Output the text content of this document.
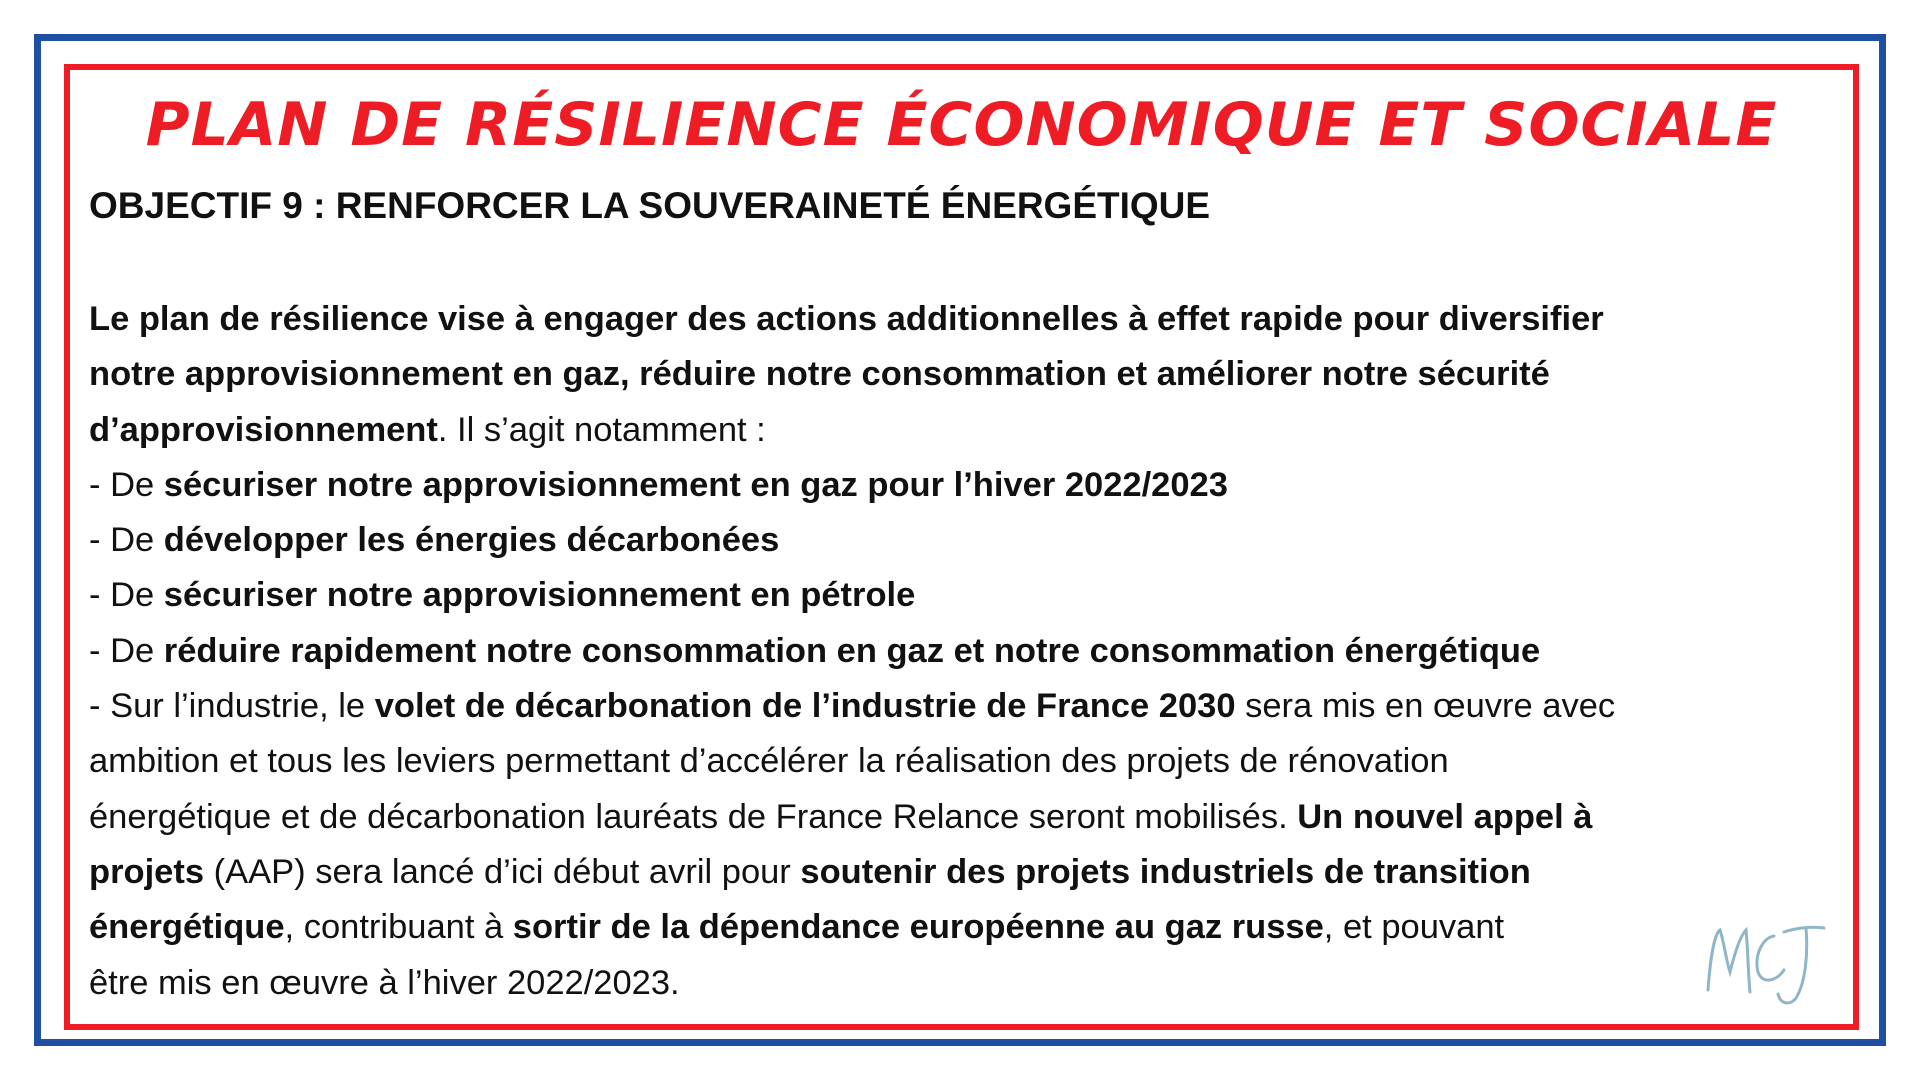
PLAN DE RÉSILIENCE ÉCONOMIQUE ET SOCIALE
OBJECTIF 9 : RENFORCER LA SOUVERAINETÉ ÉNERGÉTIQUE
Le plan de résilience vise à engager des actions additionnelles à effet rapide pour diversifier
notre approvisionnement en gaz, réduire notre consommation et améliorer notre sécurité
d’approvisionnement. Il s’agit notamment :
- De sécuriser notre approvisionnement en gaz pour l’hiver 2022/2023
- De développer les énergies décarbonées
- De sécuriser notre approvisionnement en pétrole
- De réduire rapidement notre consommation en gaz et notre consommation énergétique
- Sur l’industrie, le volet de décarbonation de l’industrie de France 2030 sera mis en œuvre avec
ambition et tous les leviers permettant d’accélérer la réalisation des projets de rénovation
énergétique et de décarbonation lauréats de France Relance seront mobilisés. Un nouvel appel à
projets (AAP) sera lancé d’ici début avril pour soutenir des projets industriels de transition
énergétique, contribuant à sortir de la dépendance européenne au gaz russe, et pouvant
être mis en œuvre à l’hiver 2022/2023.
